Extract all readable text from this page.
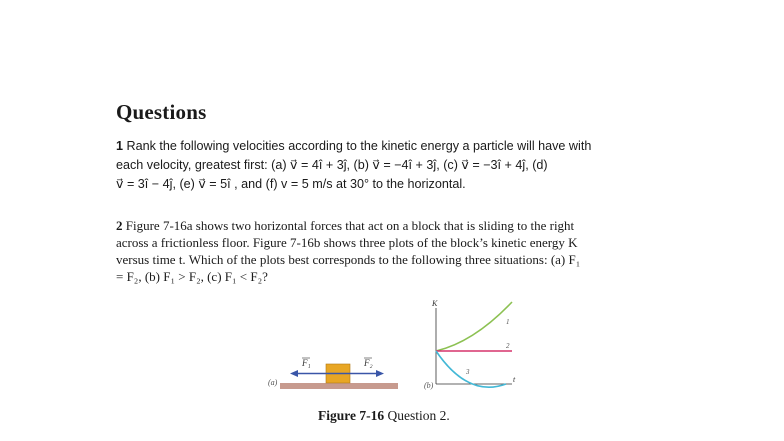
Questions
1 Rank the following velocities according to the kinetic energy a particle will have with
each velocity, greatest first: (a) v⃗ = 4î + 3ĵ, (b) v⃗ = −4î + 3ĵ, (c) v⃗ = −3î + 4ĵ, (d)
v⃗ = 3î − 4ĵ, (e) v⃗ = 5î , and (f) v = 5 m/s at 30° to the horizontal.
2 Figure 7-16a shows two horizontal forces that act on a block that is sliding to the right
across a frictionless floor. Figure 7-16b shows three plots of the block’s kinetic energy K
versus time t. Which of the plots best corresponds to the following three situations: (a) F₁
= F₂, (b) F₁ > F₂, (c) F₁ < F₂?
(a)
F₁	F₂
(b)
K
t
1
2
3
Figure 7-16 Question 2.
